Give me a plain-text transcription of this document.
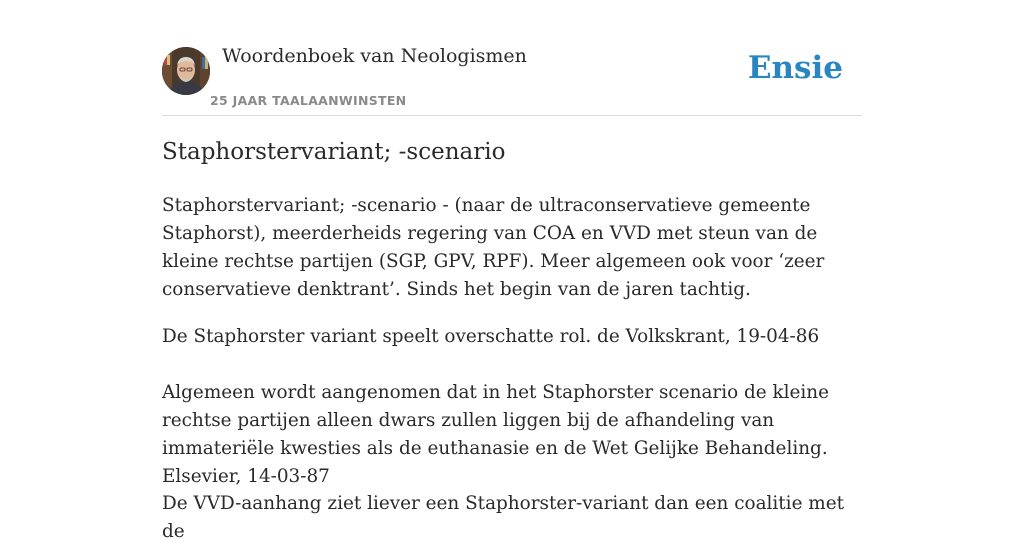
Woordenboek van Neologismen
25 JAAR TAALAANWINSTEN
Ensie
Staphorstervariant; -scenario

Staphorstervariant; -scenario - (naar de ultraconservatieve gemeente Staphorst), meerderheids regering van COA en VVD met steun van de kleine rechtse partijen (SGP, GPV, RPF). Meer algemeen ook voor ‘zeer conservatieve denktrant’. Sinds het begin van de jaren tachtig.

De Staphorster variant speelt overschatte rol. de Volkskrant, 19-04-86

Algemeen wordt aangenomen dat in het Staphorster scenario de kleine rechtse partijen alleen dwars zullen liggen bij de afhandeling van immateriële kwesties als de euthanasie en de Wet Gelijke Behandeling. Elsevier, 14-03-87

De VVD-aanhang ziet liever een Staphorster-variant dan een coalitie met de
